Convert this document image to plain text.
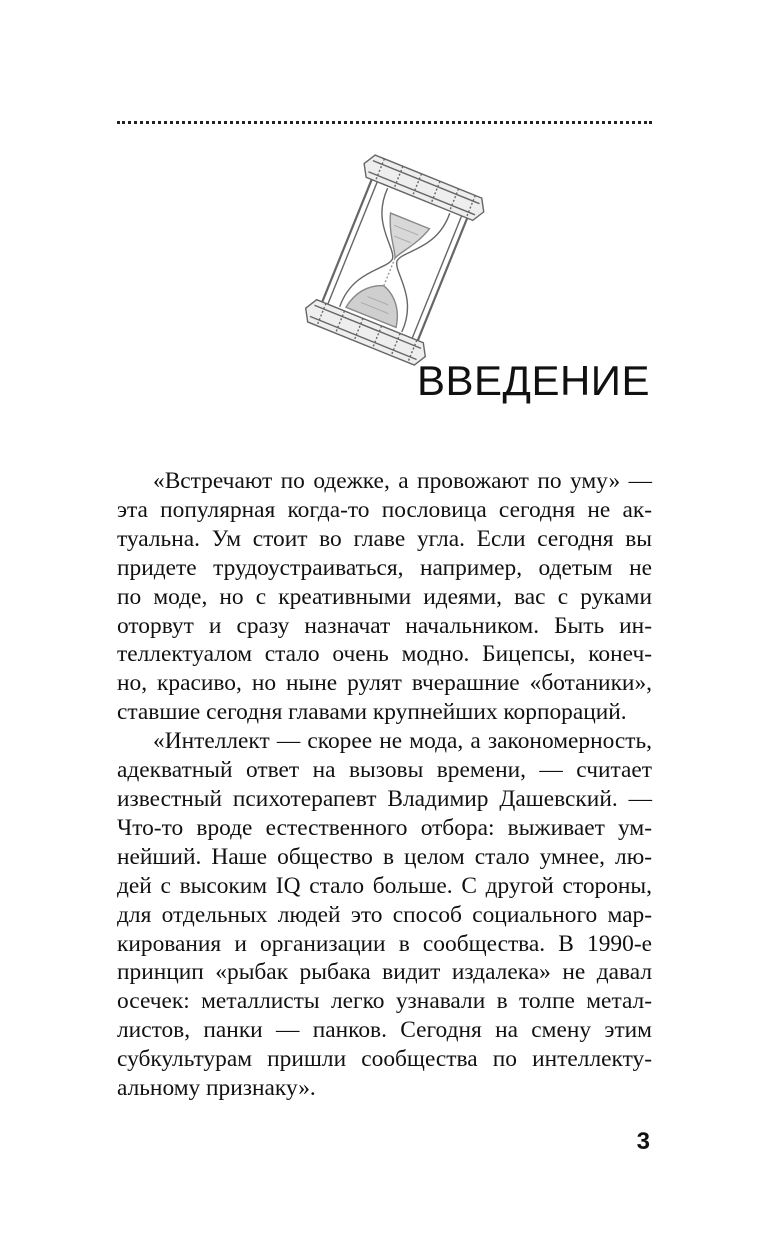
ВВЕДЕНИЕ

«Встречают по одежке, а провожают по уму» —
эта популярная когда-то пословица сегодня не ак-
туальна. Ум стоит во главе угла. Если сегодня вы
придете трудоустраиваться, например, одетым не
по моде, но с креативными идеями, вас с руками
оторвут и сразу назначат начальником. Быть ин-
теллектуалом стало очень модно. Бицепсы, конеч-
но, красиво, но ныне рулят вчерашние «ботаники»,
ставшие сегодня главами крупнейших корпораций.

«Интеллект — скорее не мода, а закономерность,
адекватный ответ на вызовы времени, — считает
известный психотерапевт Владимир Дашевский. —
Что-то вроде естественного отбора: выживает ум-
нейший. Наше общество в целом стало умнее, лю-
дей с высоким IQ стало больше. С другой стороны,
для отдельных людей это способ социального мар-
кирования и организации в сообщества. В 1990-е
принцип «рыбак рыбака видит издалека» не давал
осечек: металлисты легко узнавали в толпе метал-
листов, панки — панков. Сегодня на смену этим
субкультурам пришли сообщества по интеллекту-
альному признаку».

3
